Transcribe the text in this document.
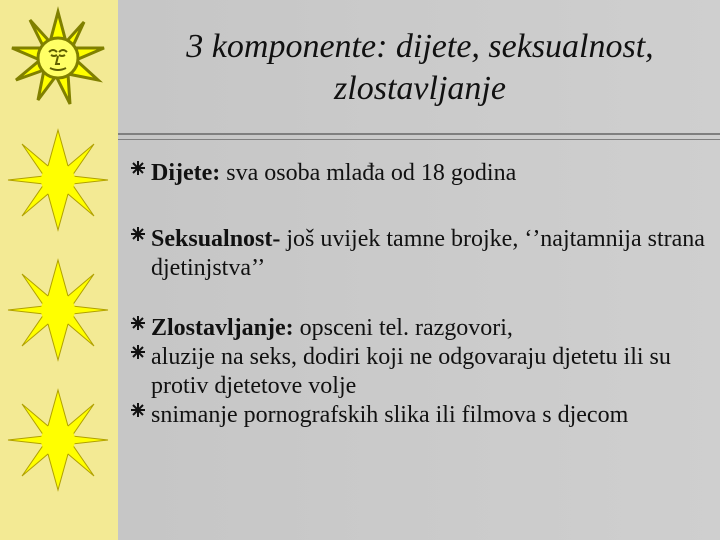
3 komponente: dijete, seksualnost,
zlostavljanje
Dijete: sva osoba mlađa od 18 godina
Seksualnost- još uvijek tamne brojke, ‘’najtamnija strana djetinjstva’’
Zlostavljanje: opsceni tel. razgovori,
aluzije na seks, dodiri koji ne odgovaraju djetetu ili su protiv djetetove volje
snimanje pornografskih slika ili filmova s djecom
